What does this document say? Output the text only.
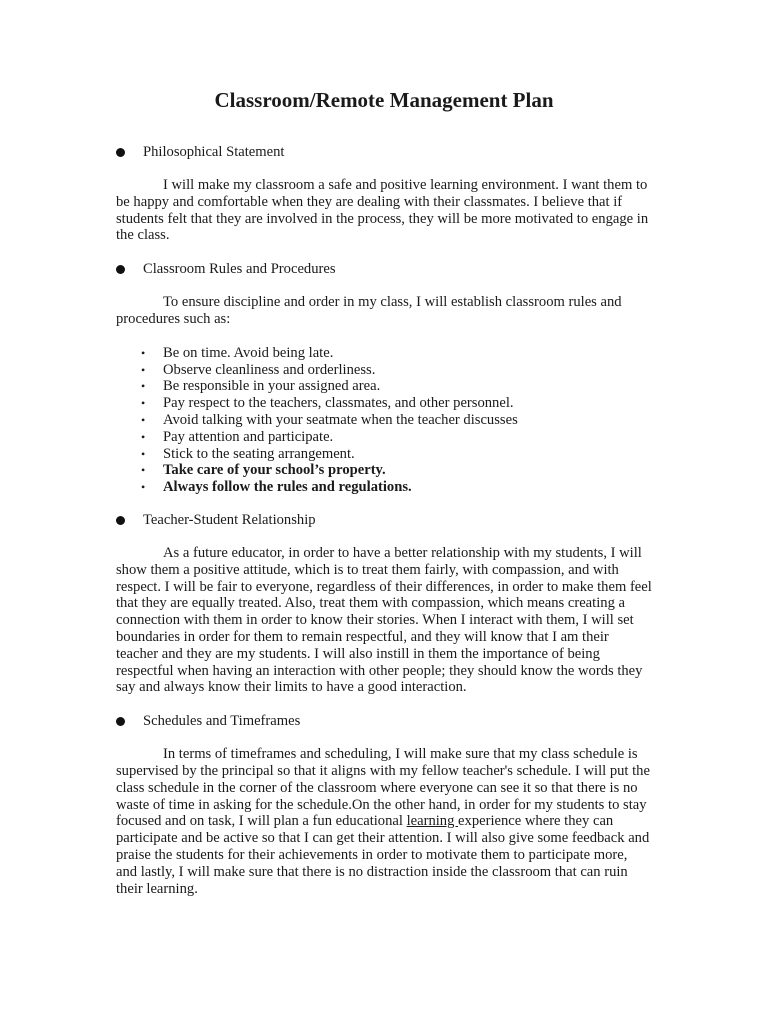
Classroom/Remote Management Plan

Philosophical Statement

I will make my classroom a safe and positive learning environment. I want them to be happy and comfortable when they are dealing with their classmates. I believe that if students felt that they are involved in the process, they will be more motivated to engage in the class.

Classroom Rules and Procedures

To ensure discipline and order in my class, I will establish classroom rules and procedures such as:

• Be on time. Avoid being late.
• Observe cleanliness and orderliness.
• Be responsible in your assigned area.
• Pay respect to the teachers, classmates, and other personnel.
• Avoid talking with your seatmate when the teacher discusses
• Pay attention and participate.
• Stick to the seating arrangement.
• Take care of your school’s property.
• Always follow the rules and regulations.

Teacher-Student Relationship

As a future educator, in order to have a better relationship with my students, I will show them a positive attitude, which is to treat them fairly, with compassion, and with respect. I will be fair to everyone, regardless of their differences, in order to make them feel that they are equally treated. Also, treat them with compassion, which means creating a connection with them in order to know their stories. When I interact with them, I will set boundaries in order for them to remain respectful, and they will know that I am their teacher and they are my students. I will also instill in them the importance of being respectful when having an interaction with other people; they should know the words they say and always know their limits to have a good interaction.

Schedules and Timeframes

In terms of timeframes and scheduling, I will make sure that my class schedule is supervised by the principal so that it aligns with my fellow teacher's schedule. I will put the class schedule in the corner of the classroom where everyone can see it so that there is no waste of time in asking for the schedule.On the other hand, in order for my students to stay focused and on task, I will plan a fun educational learning experience where they can participate and be active so that I can get their attention. I will also give some feedback and praise the students for their achievements in order to motivate them to participate more, and lastly, I will make sure that there is no distraction inside the classroom that can ruin their learning.
